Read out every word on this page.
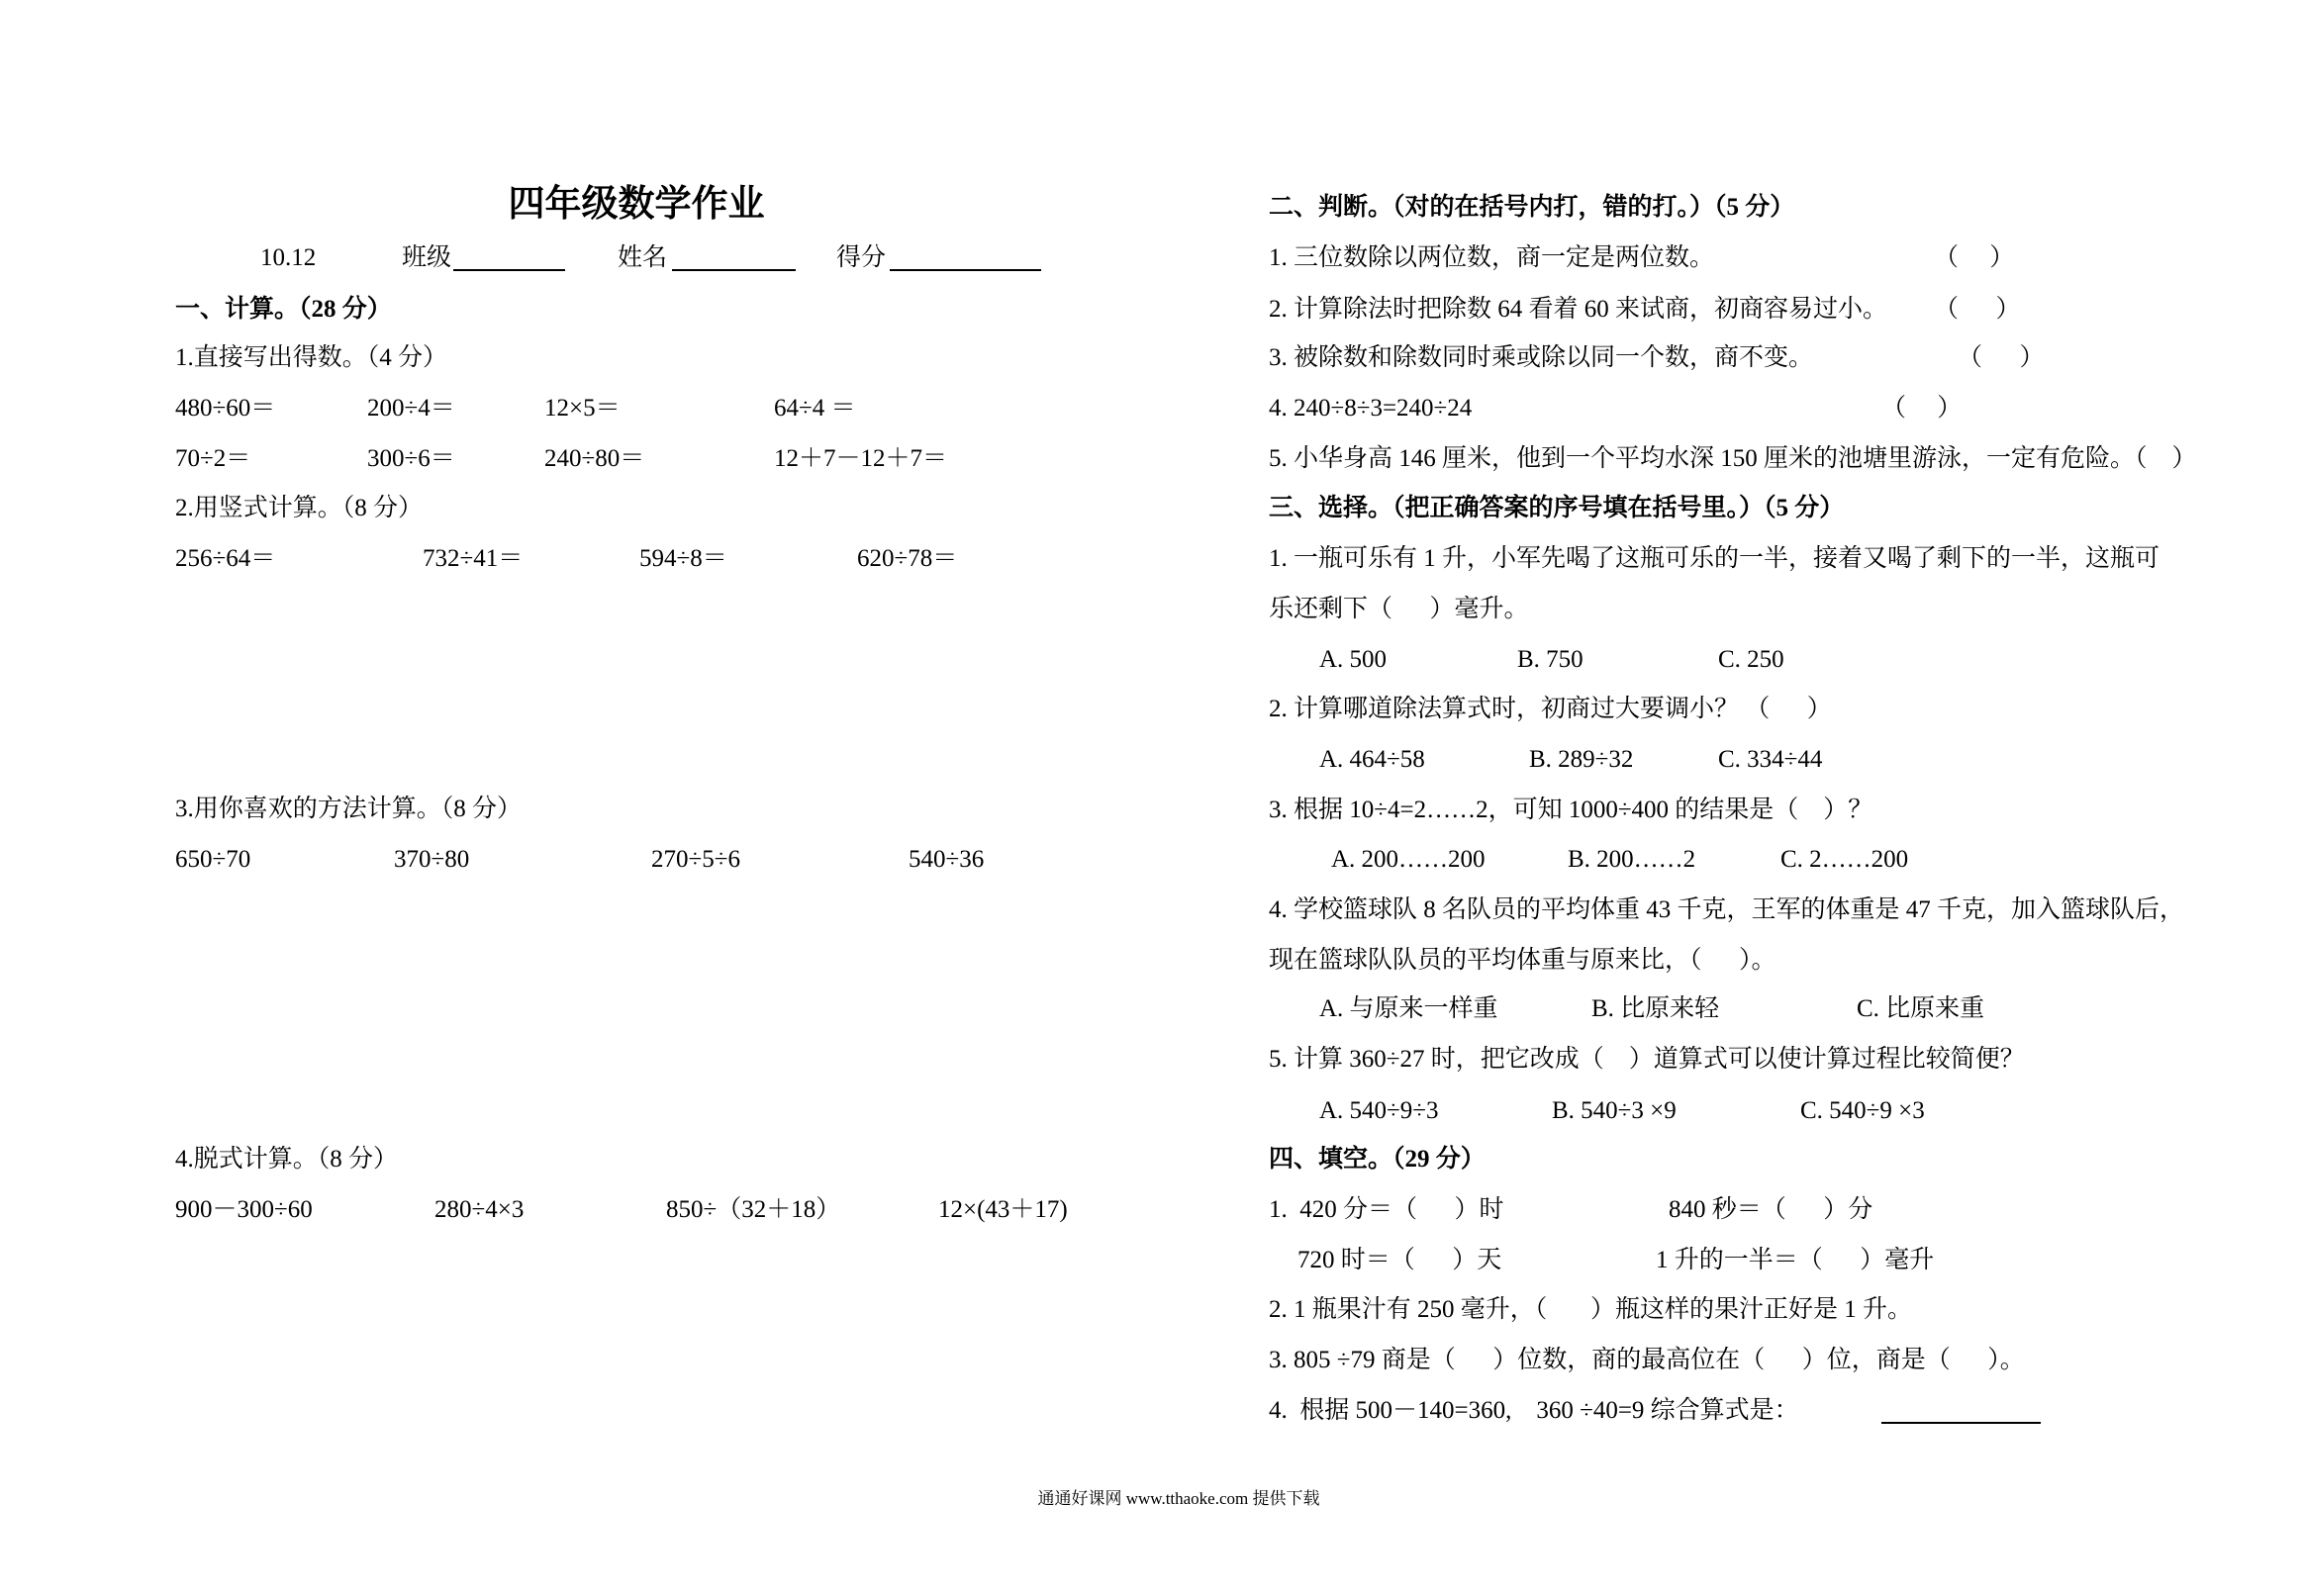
四年级数学作业
10.12	班级	姓名	得分
一、计算。（28 分）
1.直接写出得数。（4 分）
480÷60＝	200÷4＝	12×5＝	64÷4 ＝
70÷2＝	300÷6＝	240÷80＝	12＋7－12＋7＝
2.用竖式计算。（8 分）
256÷64＝	732÷41＝	594÷8＝	620÷78＝
3.用你喜欢的方法计算。（8 分）
650÷70	370÷80	270÷5÷6	540÷36
4.脱式计算。（8 分）
900－300÷60	280÷4×3	850÷（32＋18）	12×(43＋17)
二、判断。（对的在括号内打，错的打。）（5 分）
1. 三位数除以两位数，商一定是两位数。	（     ）
2. 计算除法时把除数 64 看着 60 来试商，初商容易过小。 （      ）
3. 被除数和除数同时乘或除以同一个数，商不变。	（      ）
4. 240÷8÷3=240÷24	（     ）
5. 小华身高 146 厘米，他到一个平均水深 150 厘米的池塘里游泳，一定有危险。（    ）
三、选择。（把正确答案的序号填在括号里。）（5 分）
1. 一瓶可乐有 1 升，小军先喝了这瓶可乐的一半，接着又喝了剩下的一半，这瓶可
乐还剩下（      ）毫升。
A. 500	B. 750	C. 250
2. 计算哪道除法算式时，初商过大要调小？ （      ）
A. 464÷58	B. 289÷32	C. 334÷44
3. 根据 10÷4=2……2，可知 1000÷400 的结果是（    ）？
A. 200……200	B. 200……2	C. 2……200
4. 学校篮球队 8 名队员的平均体重 43 千克，王军的体重是 47 千克，加入篮球队后，
现在篮球队队员的平均体重与原来比，（      ）。
A. 与原来一样重	B. 比原来轻	C. 比原来重
5. 计算 360÷27 时，把它改成（    ）道算式可以使计算过程比较简便？
A. 540÷9÷3	B. 540÷3 ×9	C. 540÷9 ×3
四、填空。（29 分）
1.  420 分＝（      ）时	840 秒＝（      ）分
720 时＝（      ）天	1 升的一半＝（      ）毫升
2. 1 瓶果汁有 250 毫升，（       ）瓶这样的果汁正好是 1 升。
3. 805 ÷79 商是（      ）位数，商的最高位在（      ）位，商是（      ）。
4.  根据 500－140=360,    360 ÷40=9 综合算式是：
通通好课网 www.tthaoke.com 提供下载
